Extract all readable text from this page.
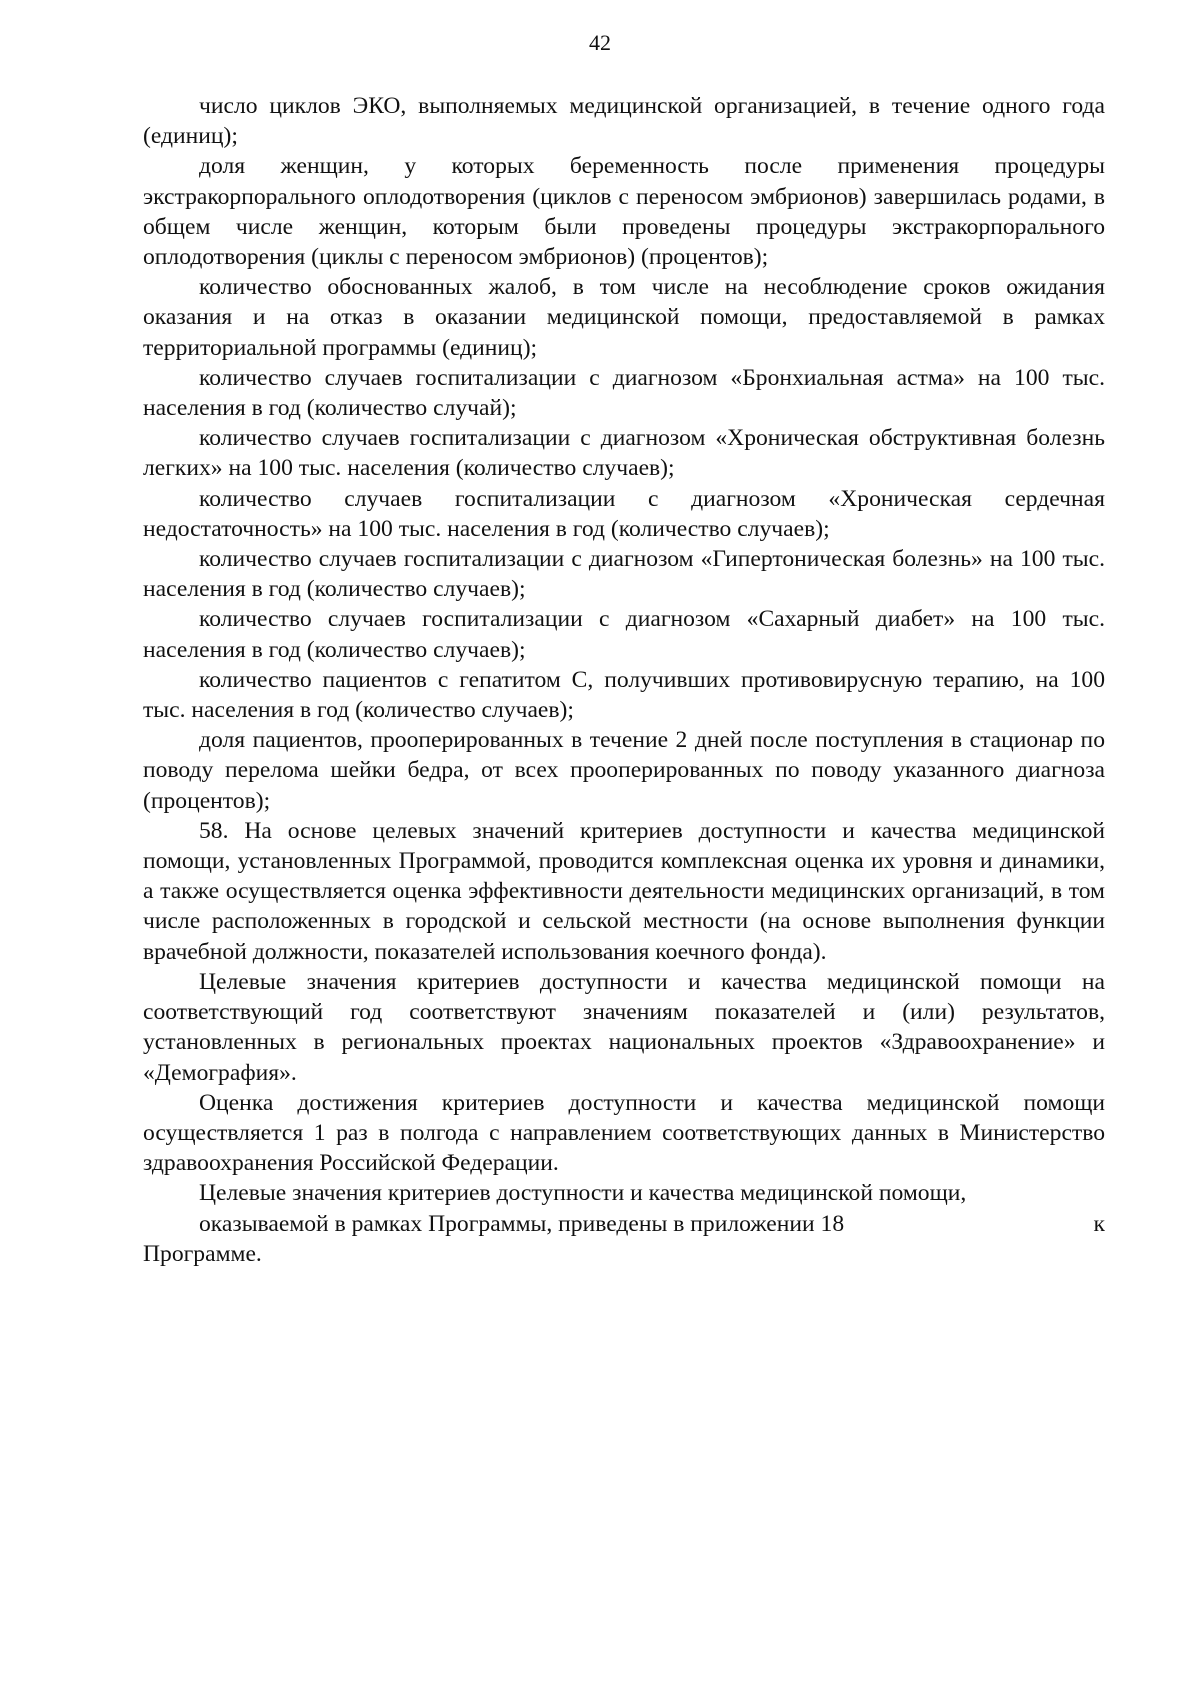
42

число циклов ЭКО, выполняемых медицинской организацией, в течение одного года (единиц);

доля женщин, у которых беременность после применения процедуры экстракорпорального оплодотворения (циклов с переносом эмбрионов) завершилась родами, в общем числе женщин, которым были проведены процедуры экстракорпорального оплодотворения (циклы с переносом эмбрионов) (процентов);

количество обоснованных жалоб, в том числе на несоблюдение сроков ожидания оказания и на отказ в оказании медицинской помощи, предоставляемой в рамках территориальной программы (единиц);

количество случаев госпитализации с диагнозом «Бронхиальная астма» на 100 тыс. населения в год (количество случай);

количество случаев госпитализации с диагнозом «Хроническая обструктивная болезнь легких» на 100 тыс. населения (количество случаев);

количество случаев госпитализации с диагнозом «Хроническая сердечная недостаточность» на 100 тыс. населения в год (количество случаев);

количество случаев госпитализации с диагнозом «Гипертоническая болезнь» на 100 тыс. населения в год (количество случаев);

количество случаев госпитализации с диагнозом «Сахарный диабет» на 100 тыс. населения в год (количество случаев);

количество пациентов с гепатитом С, получивших противовирусную терапию, на 100 тыс. населения в год (количество случаев);

доля пациентов, прооперированных в течение 2 дней после поступления в стационар по поводу перелома шейки бедра, от всех прооперированных по поводу указанного диагноза (процентов);

58. На основе целевых значений критериев доступности и качества медицинской помощи, установленных Программой, проводится комплексная оценка их уровня и динамики, а также осуществляется оценка эффективности деятельности медицинских организаций, в том числе расположенных в городской и сельской местности (на основе выполнения функции врачебной должности, показателей использования коечного фонда).

Целевые значения критериев доступности и качества медицинской помощи на соответствующий год соответствуют значениям показателей и (или) результатов, установленных в региональных проектах национальных проектов «Здравоохранение» и «Демография».

Оценка достижения критериев доступности и качества медицинской помощи осуществляется 1 раз в полгода с направлением соответствующих данных в Министерство здравоохранения Российской Федерации.

Целевые значения критериев доступности и качества медицинской помощи,
оказываемой в рамках Программы, приведены в приложении 18	к
Программе.
